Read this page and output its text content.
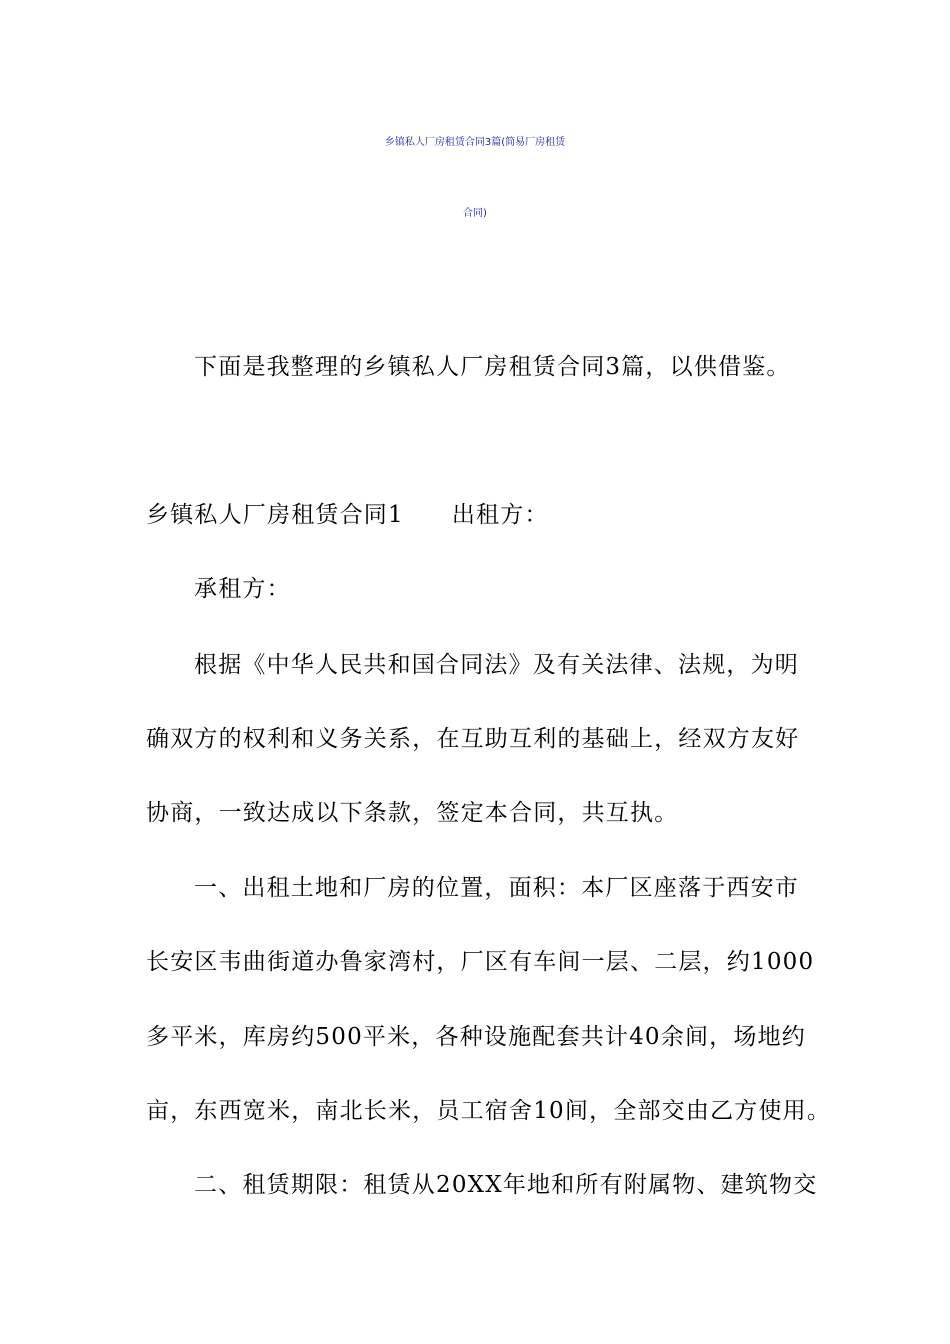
乡镇私人厂房租赁合同3篇(简易厂房租赁
合同)
下面是我整理的乡镇私人厂房租赁合同3篇，以供借鉴。
乡镇私人厂房租赁合同1 出租方：
承租方：
根据《中华人民共和国合同法》及有关法律、法规，为明
确双方的权利和义务关系，在互助互利的基础上，经双方友好
协商，一致达成以下条款，签定本合同，共互执。
一、出租土地和厂房的位置，面积：本厂区座落于西安市
长安区韦曲街道办鲁家湾村，厂区有车间一层、二层，约1000
多平米，库房约500平米，各种设施配套共计40余间，场地约
亩，东西宽米，南北长米，员工宿舍10间，全部交由乙方使用。
二、租赁期限：租赁从20XX年地和所有附属物、建筑物交
